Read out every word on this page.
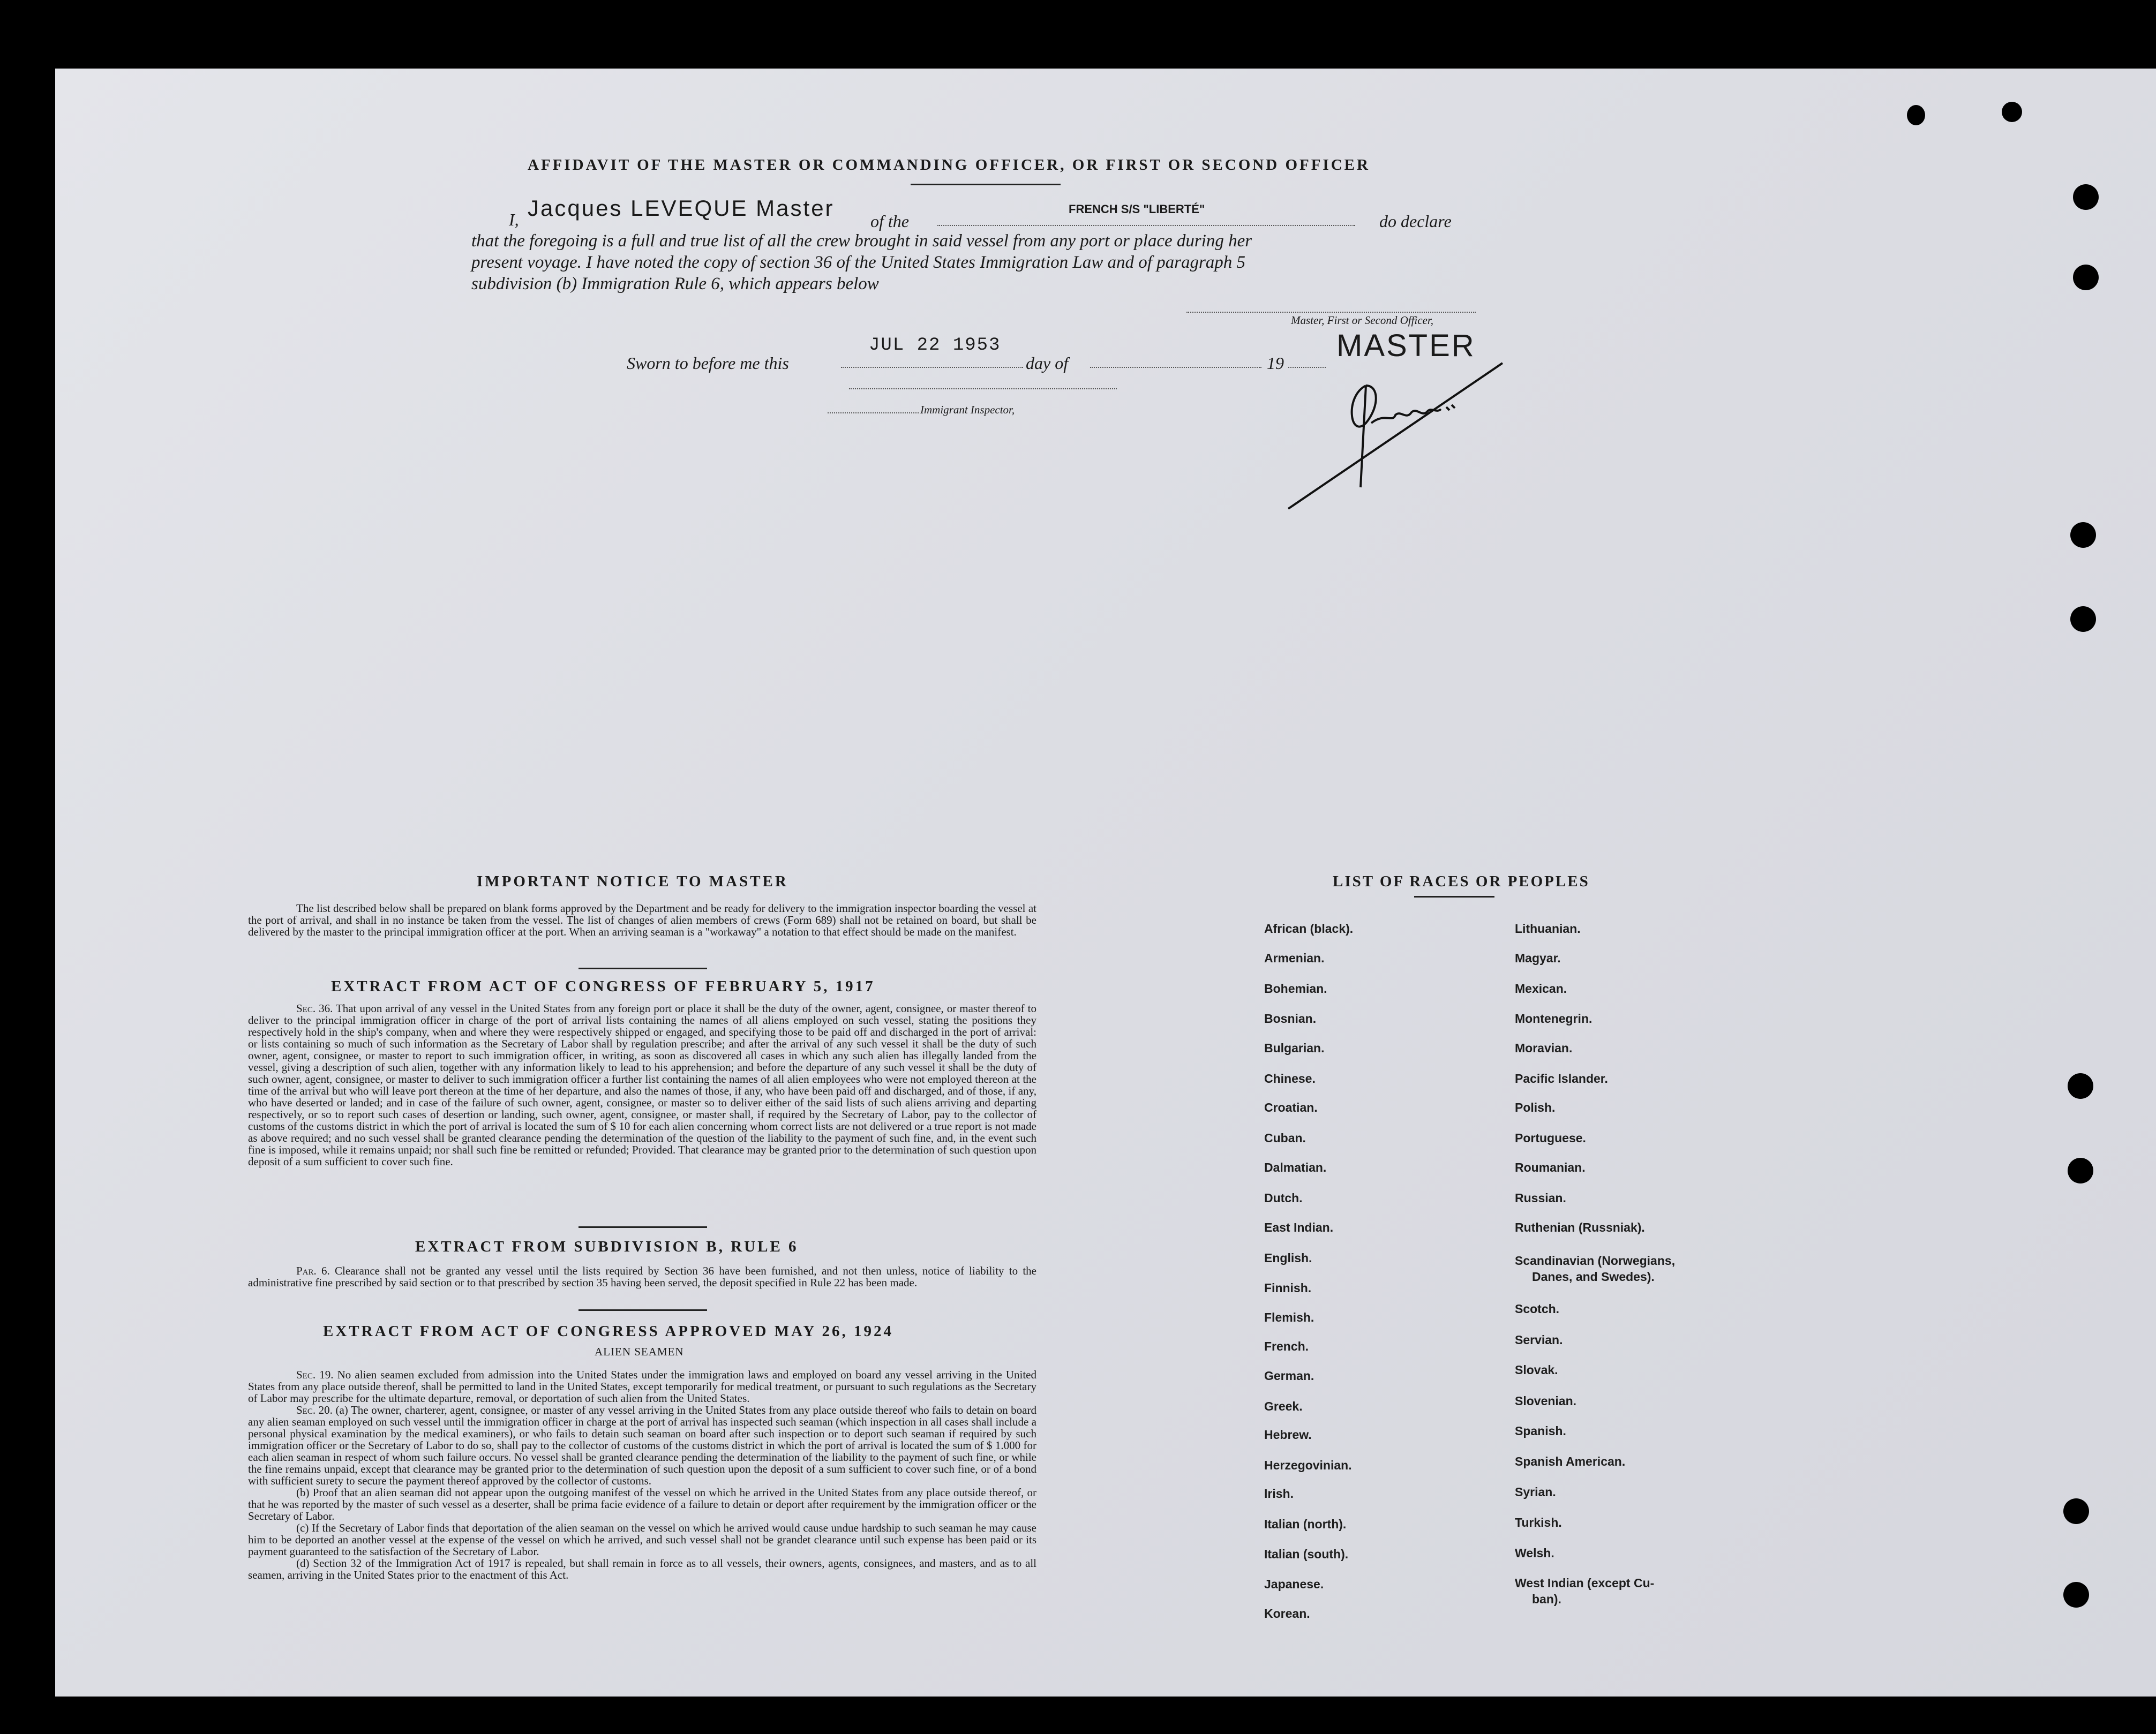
AFFIDAVIT OF THE MASTER OR COMMANDING OFFICER, OR FIRST OR SECOND OFFICER
I, Jacques LEVEQUE Master
of the
FRENCH S/S "LIBERTÉ"
do declare
that the foregoing is a full and true list of all the crew brought in said vessel from any port or place during her
present voyage. I have noted the copy of section 36 of the United States Immigration Law and of paragraph 5
subdivision (b) Immigration Rule 6, which appears below
Master, First or Second Officer,
MASTER
Sworn to before me this
JUL 22 1953
day of	19
Immigrant Inspector,
IMPORTANT NOTICE TO MASTER

The list described below shall be prepared on blank forms approved by the Department and be ready for delivery to the immigration inspector boarding the vessel at the port of arrival, and shall in no instance be taken from the vessel. The list of changes of alien members of crews (Form 689) shall not be retained on board, but shall be delivered by the master to the principal immigration officer at the port. When an arriving seaman is a "workaway" a notation to that effect should be made on the manifest.

EXTRACT FROM ACT OF CONGRESS OF FEBRUARY 5, 1917

Sec. 36. That upon arrival of any vessel in the United States from any foreign port or place it shall be the duty of the owner, agent, consignee, or master thereof to deliver to the principal immigration officer in charge of the port of arrival lists containing the names of all aliens employed on such vessel, stating the positions they respectively hold in the ship's company, when and where they were respectively shipped or engaged, and specifying those to be paid off and discharged in the port of arrival: or lists containing so much of such information as the Secretary of Labor shall by regulation prescribe; and after the arrival of any such vessel it shall be the duty of such owner, agent, consignee, or master to report to such immigration officer, in writing, as soon as discovered all cases in which any such alien has illegally landed from the vessel, giving a description of such alien, together with any information likely to lead to his apprehension; and before the departure of any such vessel it shall be the duty of such owner, agent, consignee, or master to deliver to such immigration officer a further list containing the names of all alien employees who were not employed thereon at the time of the arrival but who will leave port thereon at the time of her departure, and also the names of those, if any, who have been paid off and discharged, and of those, if any, who have deserted or landed; and in case of the failure of such owner, agent, consignee, or master so to deliver either of the said lists of such aliens arriving and departing respectively, or so to report such cases of desertion or landing, such owner, agent, consignee, or master shall, if required by the Secretary of Labor, pay to the collector of customs of the customs district in which the port of arrival is located the sum of $ 10 for each alien concerning whom correct lists are not delivered or a true report is not made as above required; and no such vessel shall be granted clearance pending the determination of the question of the liability to the payment of such fine, and, in the event such fine is imposed, while it remains unpaid; nor shall such fine be remitted or refunded; Provided. That clearance may be granted prior to the determination of such question upon deposit of a sum sufficient to cover such fine.

EXTRACT FROM SUBDIVISION B, RULE 6

Par. 6. Clearance shall not be granted any vessel until the lists required by Section 36 have been furnished, and not then unless, notice of liability to the administrative fine prescribed by said section or to that prescribed by section 35 having been served, the deposit specified in Rule 22 has been made.

EXTRACT FROM ACT OF CONGRESS APPROVED MAY 26, 1924
ALIEN SEAMEN

Sec. 19. No alien seamen excluded from admission into the United States under the immigration laws and employed on board any vessel arriving in the United States from any place outside thereof, shall be permitted to land in the United States, except temporarily for medical treatment, or pursuant to such regulations as the Secretary of Labor may prescribe for the ultimate departure, removal, or deportation of such alien from the United States.

Sec. 20. (a) The owner, charterer, agent, consignee, or master of any vessel arriving in the United States from any place outside thereof who fails to detain on board any alien seaman employed on such vessel until the immigration officer in charge at the port of arrival has inspected such seaman (which inspection in all cases shall include a personal physical examination by the medical examiners), or who fails to detain such seaman on board after such inspection or to deport such seaman if required by such immigration officer or the Secretary of Labor to do so, shall pay to the collector of customs of the customs district in which the port of arrival is located the sum of $ 1.000 for each alien seaman in respect of whom such failure occurs. No vessel shall be granted clearance pending the determination of the liability to the payment of such fine, or while the fine remains unpaid, except that clearance may be granted prior to the determination of such question upon the deposit of a sum sufficient to cover such fine, or of a bond with sufficient surety to secure the payment thereof approved by the collector of customs.

(b) Proof that an alien seaman did not appear upon the outgoing manifest of the vessel on which he arrived in the United States from any place outside thereof, or that he was reported by the master of such vessel as a deserter, shall be prima facie evidence of a failure to detain or deport after requirement by the immigration officer or the Secretary of Labor.

(c) If the Secretary of Labor finds that deportation of the alien seaman on the vessel on which he arrived would cause undue hardship to such seaman he may cause him to be deported an another vessel at the expense of the vessel on which he arrived, and such vessel shall not be grandet clearance until such expense has been paid or its payment guaranteed to the satisfaction of the Secretary of Labor.

(d) Section 32 of the Immigration Act of 1917 is repealed, but shall remain in force as to all vessels, their owners, agents, consignees, and masters, and as to all seamen, arriving in the United States prior to the enactment of this Act.

LIST OF RACES OR PEOPLES
African (black).
Armenian.
Bohemian.
Bosnian.
Bulgarian.
Chinese.
Croatian.
Cuban.
Dalmatian.
Dutch.
East Indian.
English.
Finnish.
Flemish.
French.
German.
Greek.
Hebrew.
Herzegovinian.
Irish.
Italian (north).
Italian (south).
Japanese.
Korean.
Lithuanian.
Magyar.
Mexican.
Montenegrin.
Moravian.
Pacific Islander.
Polish.
Portuguese.
Roumanian.
Russian.
Ruthenian (Russniak).
Scandinavian (Norwegians,
Danes, and Swedes).
Scotch.
Servian.
Slovak.
Slovenian.
Spanish.
Spanish American.
Syrian.
Turkish.
Welsh.
West Indian (except Cu-
ban).
